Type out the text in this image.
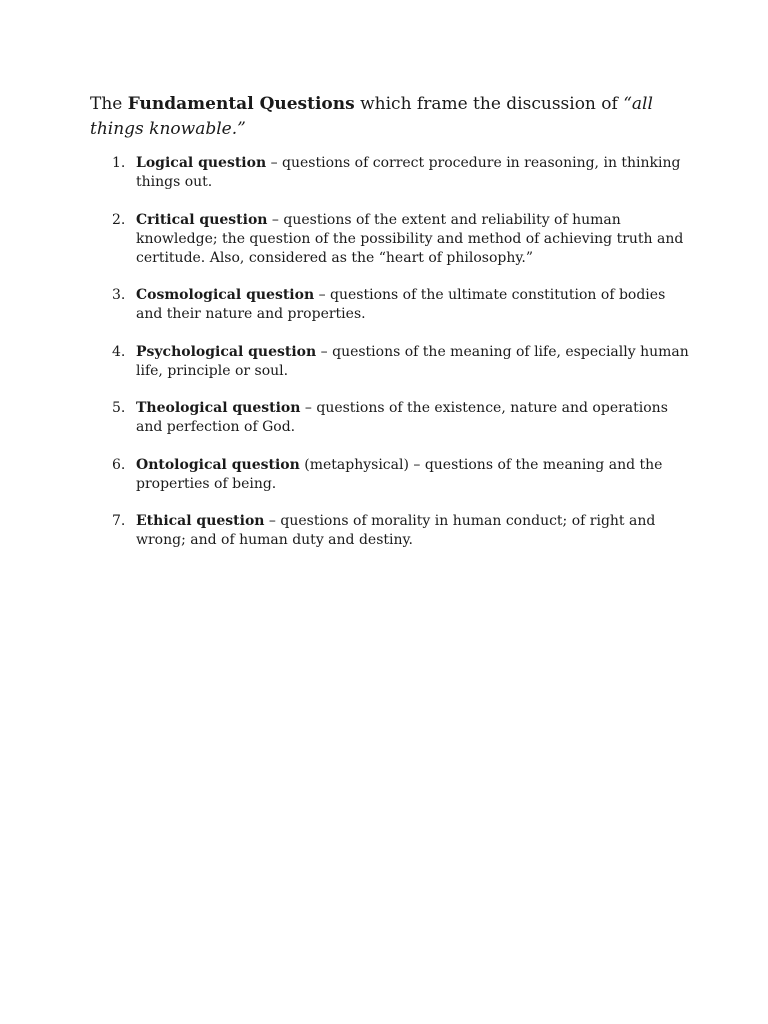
The Fundamental Questions which frame the discussion of “all things knowable.”

1. Logical question – questions of correct procedure in reasoning, in thinking things out.
2. Critical question – questions of the extent and reliability of human knowledge; the question of the possibility and method of achieving truth and certitude. Also, considered as the “heart of philosophy.”
3. Cosmological question – questions of the ultimate constitution of bodies and their nature and properties.
4. Psychological question – questions of the meaning of life, especially human life, principle or soul.
5. Theological question – questions of the existence, nature and operations and perfection of God.
6. Ontological question (metaphysical) – questions of the meaning and the properties of being.
7. Ethical question – questions of morality in human conduct; of right and wrong; and of human duty and destiny.
